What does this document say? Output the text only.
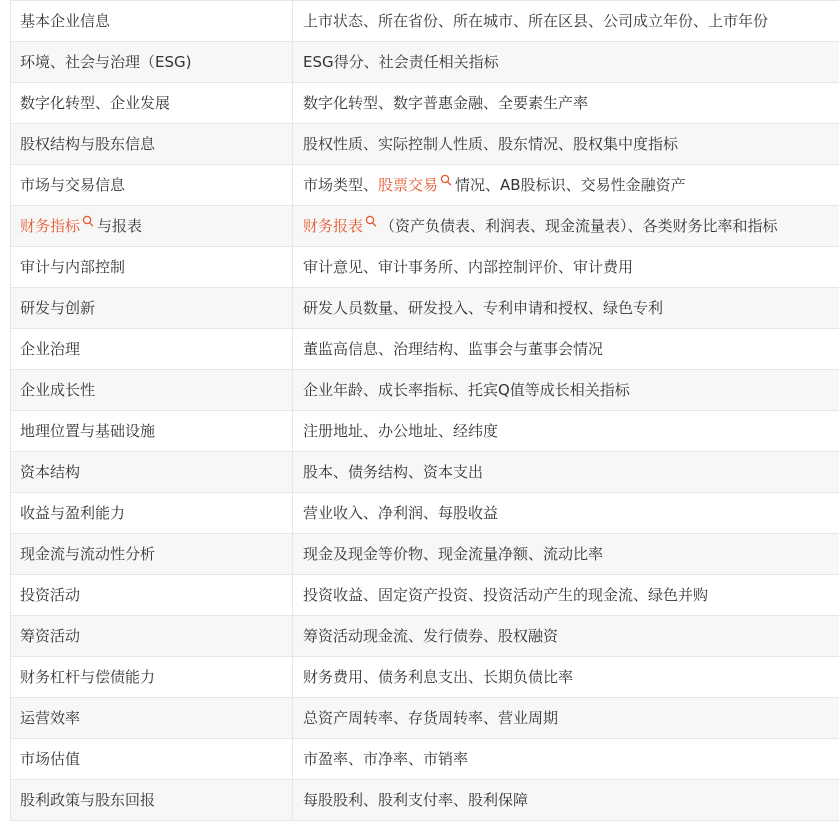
基本企业信息	上市状态、所在省份、所在城市、所在区县、公司成立年份、上市年份
环境、社会与治理（ESG)	ESG得分、社会责任相关指标
数字化转型、企业发展	数字化转型、数字普惠金融、全要素生产率
股权结构与股东信息	股权性质、实际控制人性质、股东情况、股权集中度指标
市场与交易信息	市场类型、 股票交易 情况、AB股标识、交易性金融资产
财务指标 与报表	财务报表 （资产负债表、利润表、现金流量表）、各类财务比率和指标
审计与内部控制	审计意见、审计事务所、内部控制评价、审计费用
研发与创新	研发人员数量、研发投入、专利申请和授权、绿色专利
企业治理	董监高信息、治理结构、监事会与董事会情况
企业成长性	企业年龄、成长率指标、托宾Q值等成长相关指标
地理位置与基础设施	注册地址、办公地址、经纬度
资本结构	股本、债务结构、资本支出
收益与盈利能力	营业收入、净利润、每股收益
现金流与流动性分析	现金及现金等价物、现金流量净额、流动比率
投资活动	投资收益、固定资产投资、投资活动产生的现金流、绿色并购
筹资活动	筹资活动现金流、发行债券、股权融资
财务杠杆与偿债能力	财务费用、债务利息支出、长期负债比率
运营效率	总资产周转率、存货周转率、营业周期
市场估值	市盈率、市净率、市销率
股利政策与股东回报	每股股利、股利支付率、股利保障
